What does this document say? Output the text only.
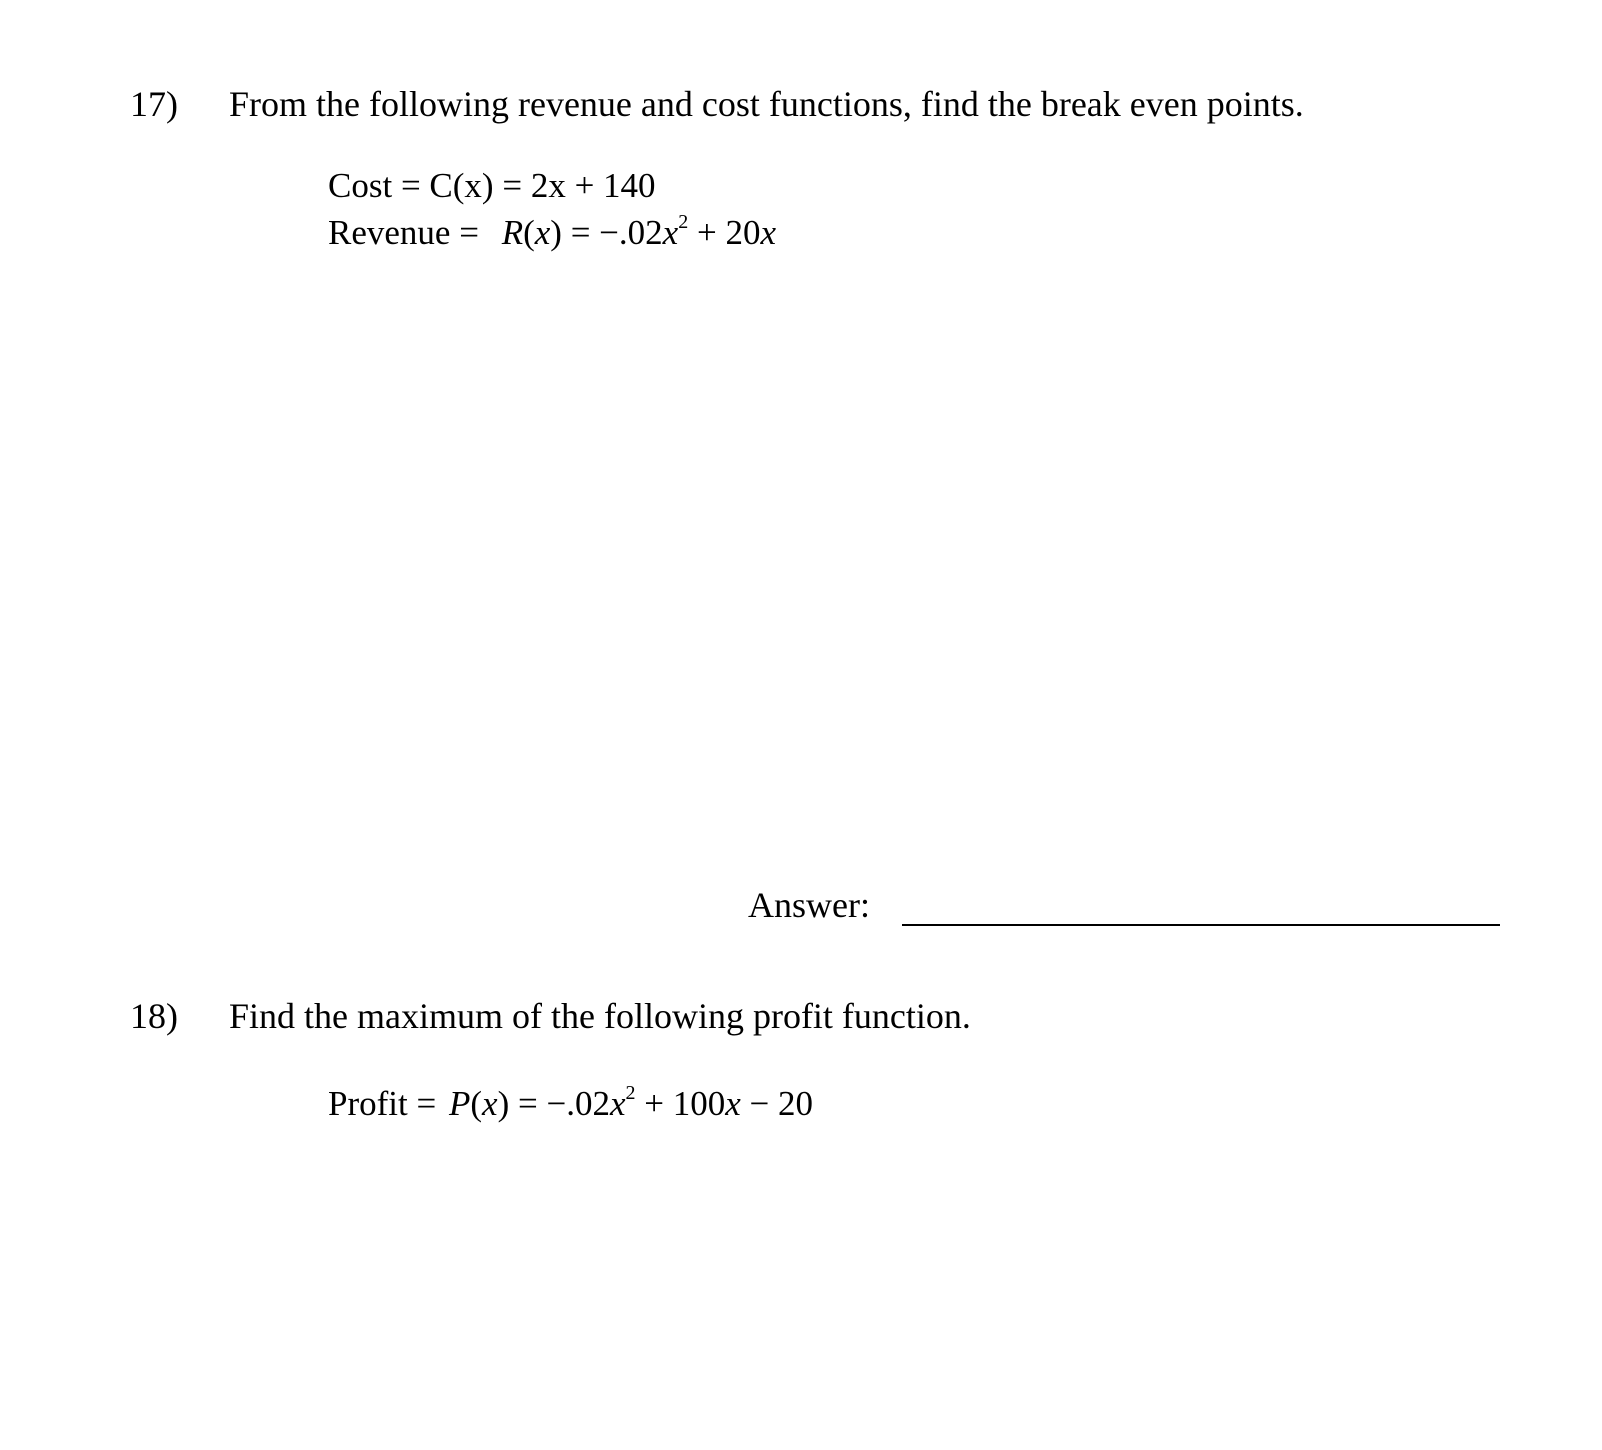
17) From the following revenue and cost functions, find the break even points.
Cost = C(x) = 2x + 140
Revenue = $R(x) = -.02x^2 + 20x$
Answer:
18) Find the maximum of the following profit function.
Profit = $P(x) = -.02x^2 + 100x - 20$
